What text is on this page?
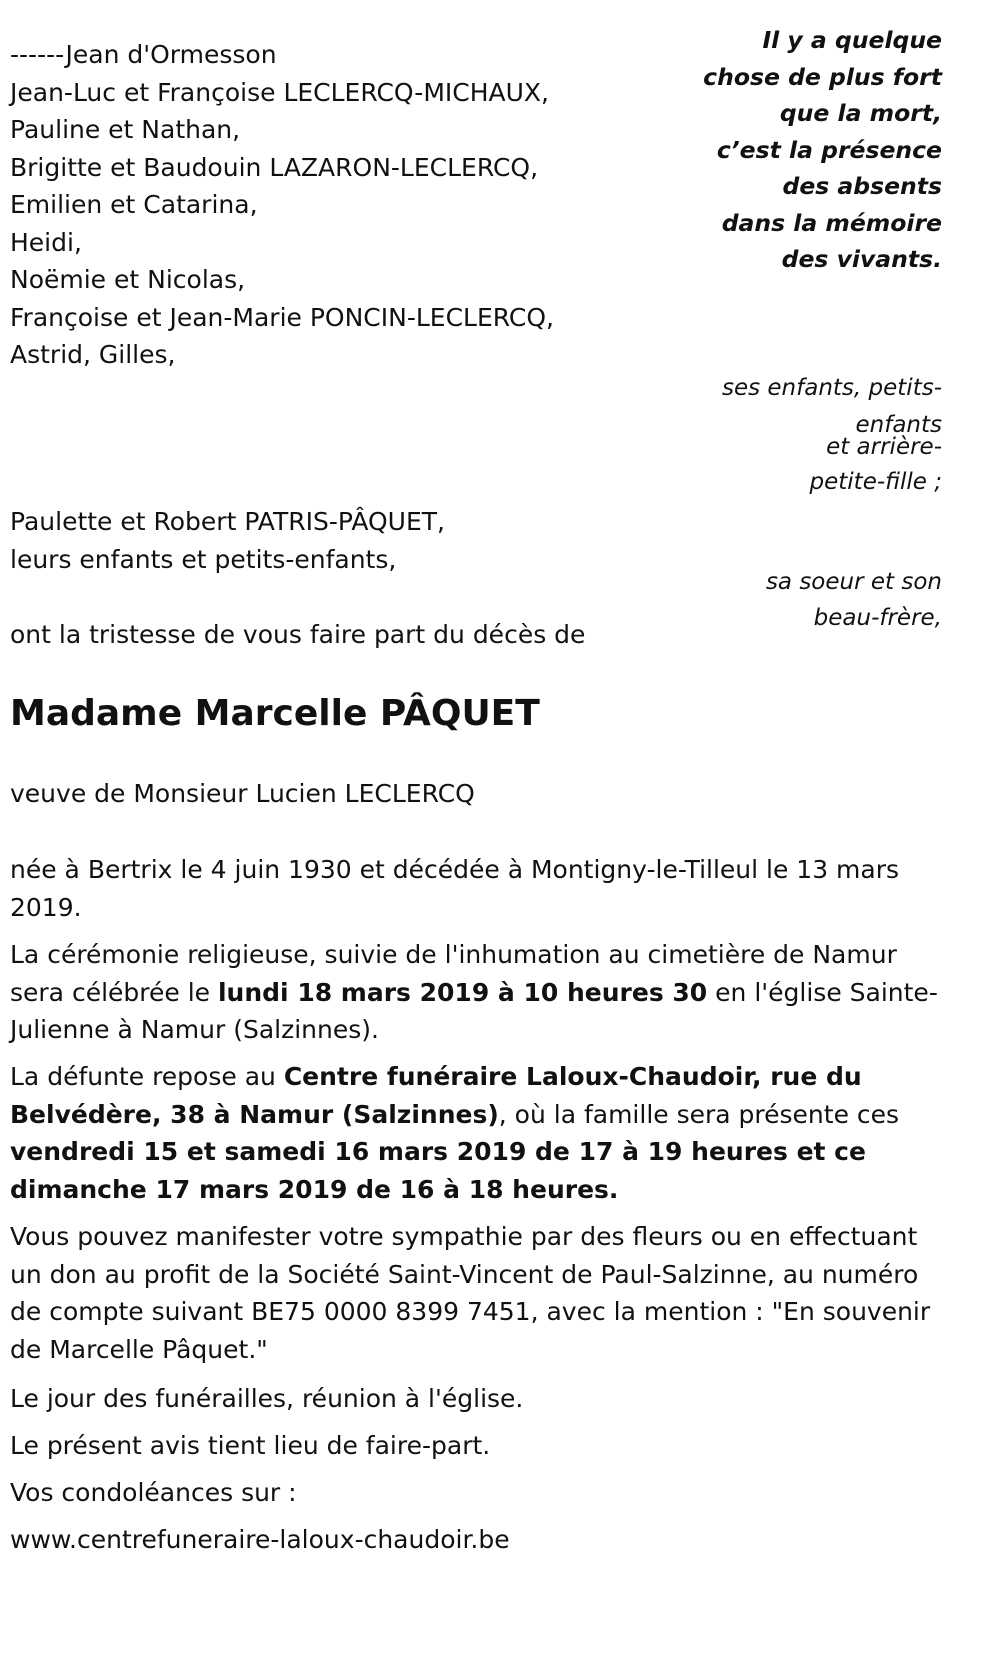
Il y a quelque
chose de plus fort
que la mort,
c’est la présence
des absents
dans la mémoire
des vivants.
------Jean d'Ormesson
Jean-Luc et Françoise LECLERCQ-MICHAUX,
Pauline et Nathan,
Brigitte et Baudouin LAZARON-LECLERCQ,
Emilien et Catarina,
Heidi,
Noëmie et Nicolas,
Françoise et Jean-Marie PONCIN-LECLERCQ,
Astrid, Gilles,
ses enfants, petits-
enfants
et arrière-
petite-fille ;
Paulette et Robert PATRIS-PÂQUET,
leurs enfants et petits-enfants,
sa soeur et son
beau-frère,
ont la tristesse de vous faire part du décès de
Madame Marcelle PÂQUET
veuve de Monsieur Lucien LECLERCQ

née à Bertrix le 4 juin 1930 et décédée à Montigny-le-Tilleul le 13 mars 2019.

La cérémonie religieuse, suivie de l'inhumation au cimetière de Namur sera célébrée le lundi 18 mars 2019 à 10 heures 30 en l'église Sainte-Julienne à Namur (Salzinnes).

La défunte repose au Centre funéraire Laloux-Chaudoir, rue du Belvédère, 38 à Namur (Salzinnes), où la famille sera présente ces vendredi 15 et samedi 16 mars 2019 de 17 à 19 heures et ce dimanche 17 mars 2019 de 16 à 18 heures.

Vous pouvez manifester votre sympathie par des fleurs ou en effectuant un don au profit de la Société Saint-Vincent de Paul-Salzinne, au numéro de compte suivant BE75 0000 8399 7451, avec la mention : "En souvenir de Marcelle Pâquet."

Le jour des funérailles, réunion à l'église.
Le présent avis tient lieu de faire-part.
Vos condoléances sur :
www.centrefuneraire-laloux-chaudoir.be
